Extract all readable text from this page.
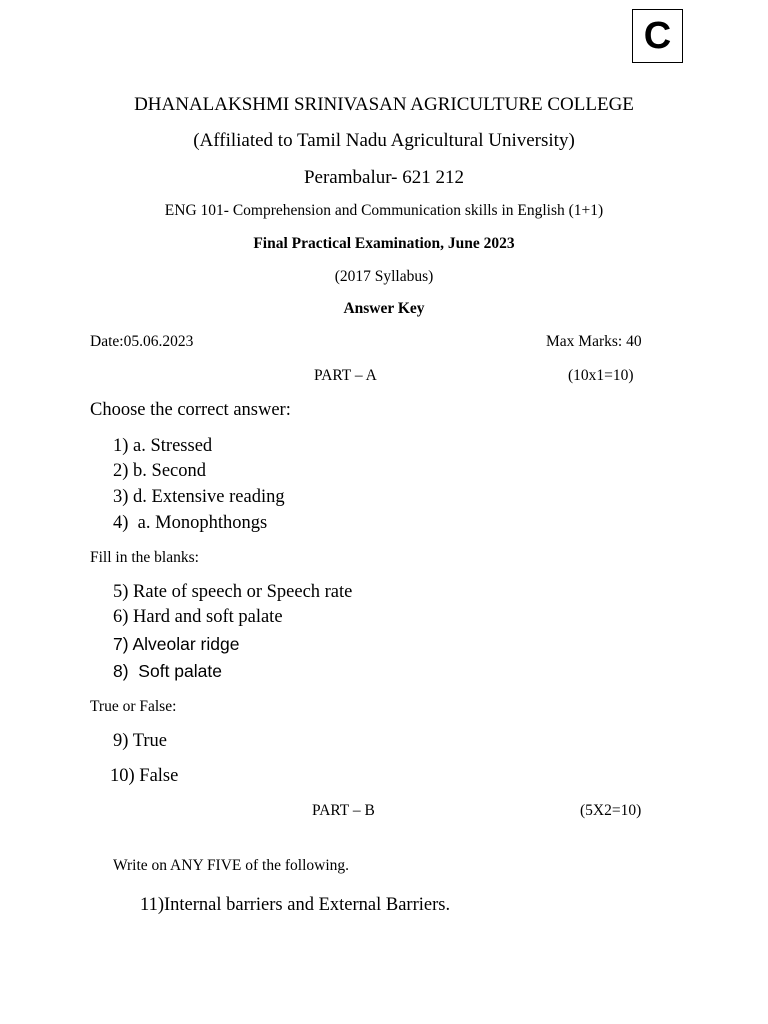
C
DHANALAKSHMI SRINIVASAN AGRICULTURE COLLEGE
(Affiliated to Tamil Nadu Agricultural University)
Perambalur- 621 212
ENG 101- Comprehension and Communication skills in English (1+1)
Final Practical Examination, June 2023
(2017 Syllabus)
Answer Key
Date:05.06.2023	Max Marks: 40
PART – A	(10x1=10)
Choose the correct answer:
1) a. Stressed
2) b. Second
3) d. Extensive reading
4)  a. Monophthongs
Fill in the blanks:
5) Rate of speech or Speech rate
6) Hard and soft palate
7) Alveolar ridge
8)  Soft palate
True or False:
9) True
10) False
PART – B	(5X2=10)
Write on ANY FIVE of the following.
11)Internal barriers and External Barriers.
